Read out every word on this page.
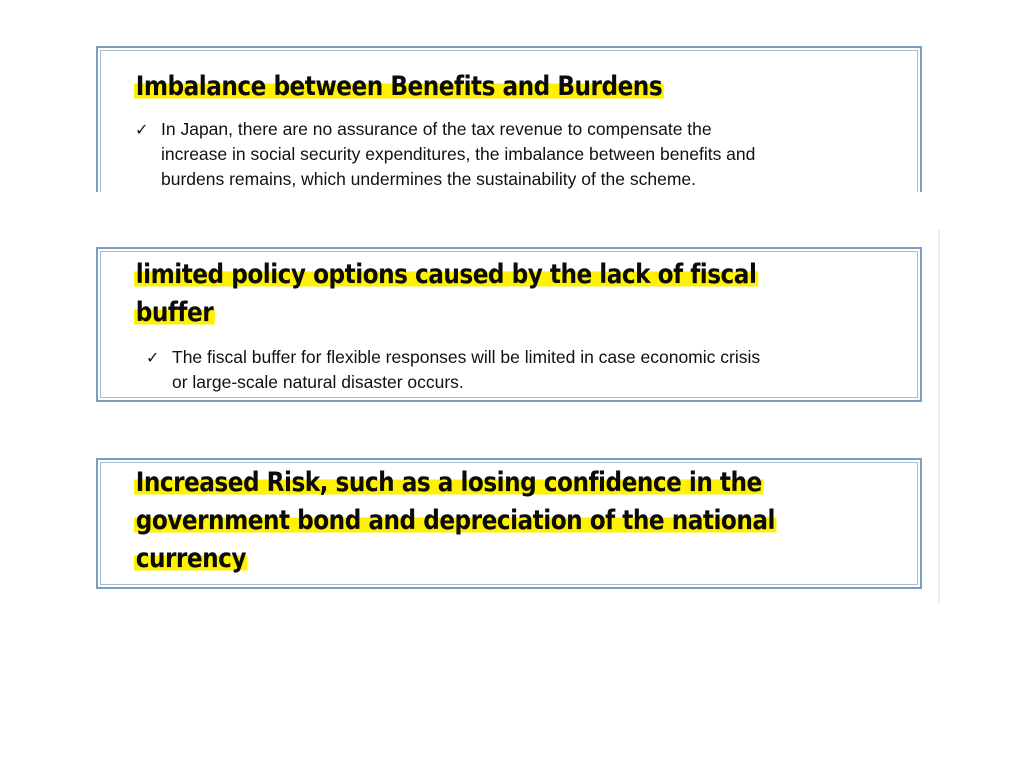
Imbalance between Benefits and Burdens
✓ In Japan, there are no assurance of the tax revenue to compensate the
increase in social security expenditures, the imbalance between benefits and
burdens remains, which undermines the sustainability of the scheme.
limited policy options caused by the lack of fiscal
buffer
✓ The fiscal buffer for flexible responses will be limited in case economic crisis
or large-scale natural disaster occurs.
Increased Risk, such as a losing confidence in the
government bond and depreciation of the national
currency
